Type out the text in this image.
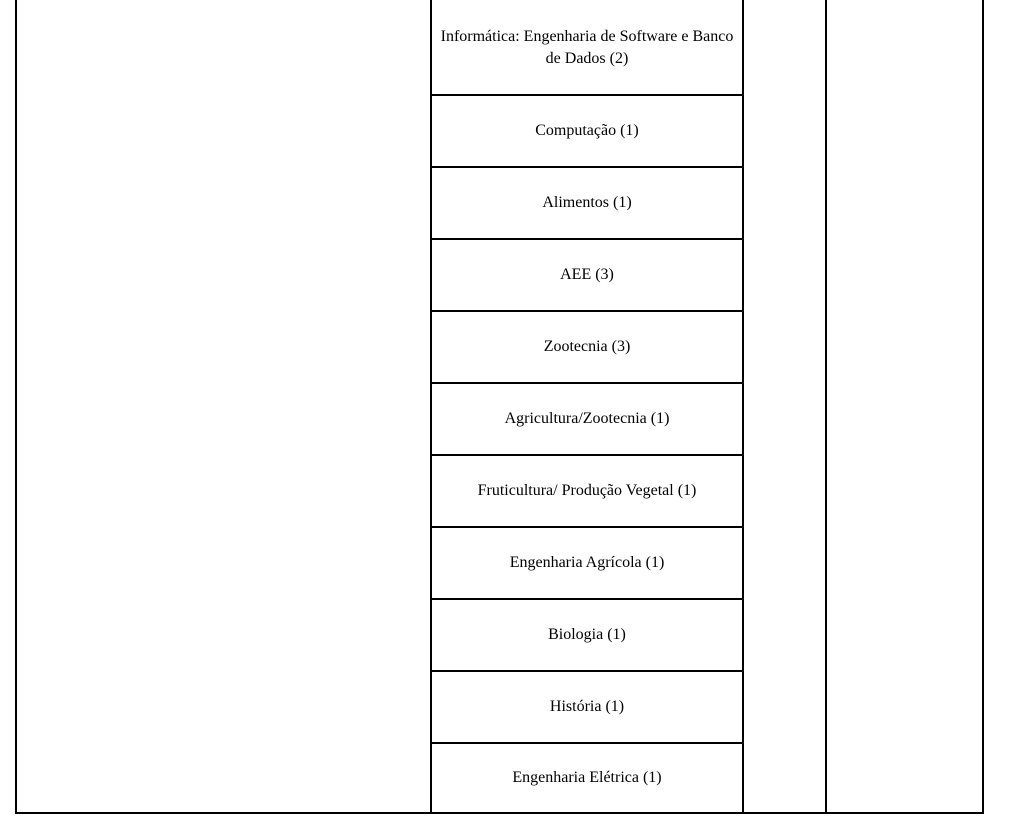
Informática: Engenharia de Software e Banco de Dados (2)
Computação (1)
Alimentos (1)
AEE (3)
Zootecnia (3)
Agricultura/Zootecnia (1)
Fruticultura/ Produção Vegetal (1)
Engenharia Agrícola (1)
Biologia (1)
História (1)
Engenharia Elétrica (1)
